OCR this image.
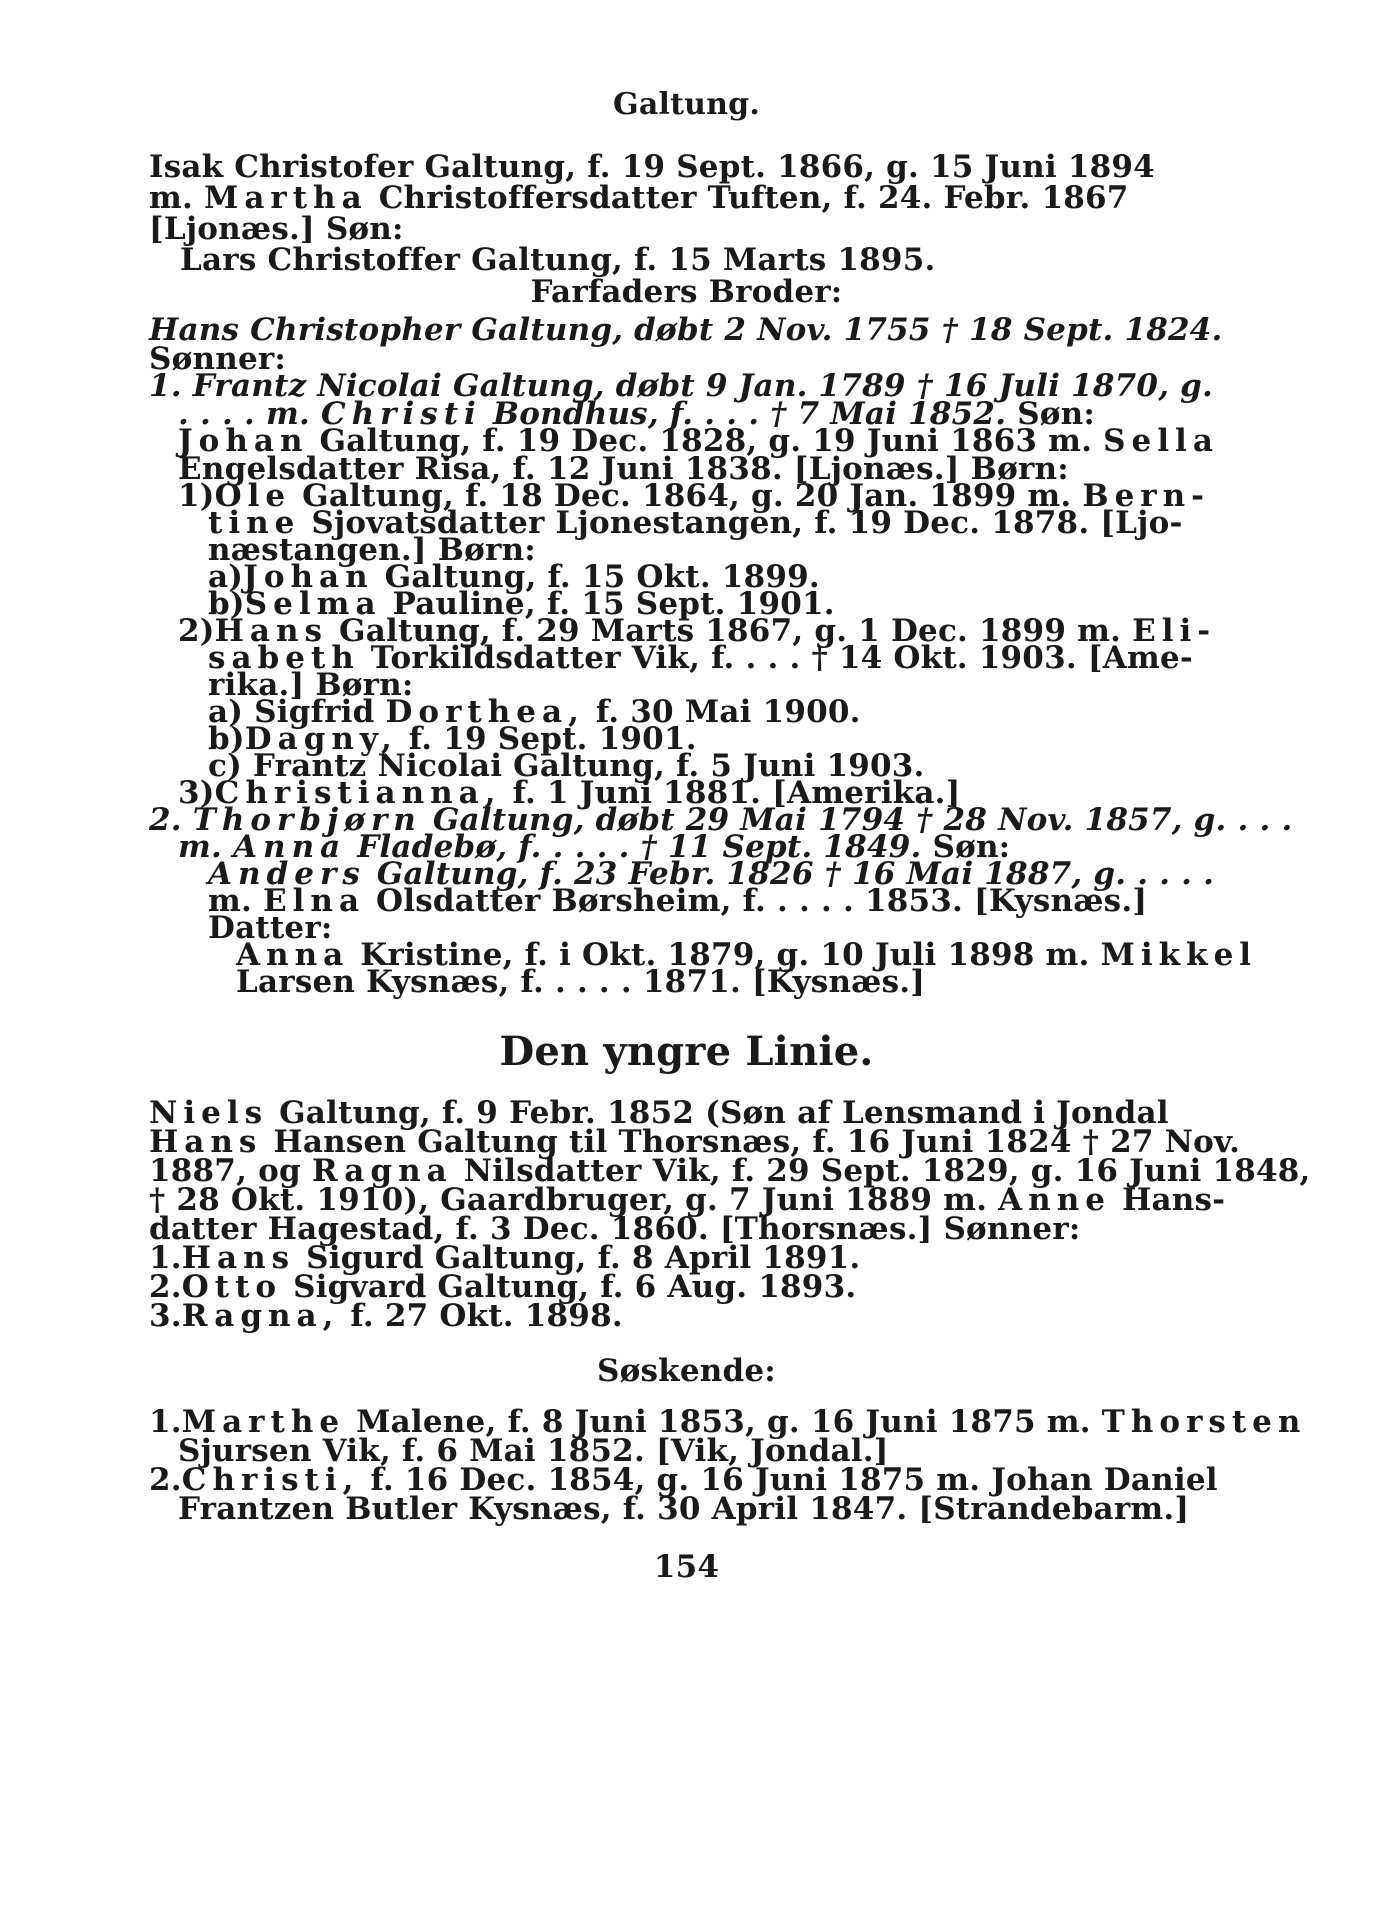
Galtung.
Isak Christofer Galtung, f. 19 Sept. 1866, g. 15 Juni 1894
m. Martha Christoffersdatter Tuften, f. 24. Febr. 1867
[Ljonæs.] Søn:
Lars Christoffer Galtung, f. 15 Marts 1895.
Farfaders Broder:
Hans Christopher Galtung, døbt 2 Nov. 1755 † 18 Sept. 1824.
Sønner:
1. Frantz Nicolai Galtung, døbt 9 Jan. 1789 † 16 Juli 1870, g.
. . . . m. Christi Bondhus, f. . . . † 7 Mai 1852. Søn:
Johan Galtung, f. 19 Dec. 1828, g. 19 Juni 1863 m. Sella
Engelsdatter Risa, f. 12 Juni 1838. [Ljonæs.] Børn:
1)Ole Galtung, f. 18 Dec. 1864, g. 20 Jan. 1899 m. Bern-
tine Sjovatsdatter Ljonestangen, f. 19 Dec. 1878. [Ljo-
næstangen.] Børn:
a)Johan Galtung, f. 15 Okt. 1899.
b)Selma Pauline, f. 15 Sept. 1901.
2)Hans Galtung, f. 29 Marts 1867, g. 1 Dec. 1899 m. Eli-
sabeth Torkildsdatter Vik, f. . . . † 14 Okt. 1903. [Ame-
rika.] Børn:
a) Sigfrid Dorthea, f. 30 Mai 1900.
b)Dagny, f. 19 Sept. 1901.
c) Frantz Nicolai Galtung, f. 5 Juni 1903.
3)Christianna, f. 1 Juni 1881. [Amerika.]
2. Thorbjørn Galtung, døbt 29 Mai 1794 † 28 Nov. 1857, g. . . .
m. Anna Fladebø, f. . . . . † 11 Sept. 1849. Søn:
Anders Galtung, f. 23 Febr. 1826 † 16 Mai 1887, g. . . . .
m. Elna Olsdatter Børsheim, f. . . . . 1853. [Kysnæs.]
Datter:
Anna Kristine, f. i Okt. 1879, g. 10 Juli 1898 m. Mikkel
Larsen Kysnæs, f. . . . . 1871. [Kysnæs.]
Den yngre Linie.
Niels Galtung, f. 9 Febr. 1852 (Søn af Lensmand i Jondal
Hans Hansen Galtung til Thorsnæs, f. 16 Juni 1824 † 27 Nov.
1887, og Ragna Nilsdatter Vik, f. 29 Sept. 1829, g. 16 Juni 1848,
† 28 Okt. 1910), Gaardbruger, g. 7 Juni 1889 m. Anne Hans-
datter Hagestad, f. 3 Dec. 1860. [Thorsnæs.] Sønner:
1.Hans Sigurd Galtung, f. 8 April 1891.
2.Otto Sigvard Galtung, f. 6 Aug. 1893.
3.Ragna, f. 27 Okt. 1898.
Søskende:
1.Marthe Malene, f. 8 Juni 1853, g. 16 Juni 1875 m. Thorsten
Sjursen Vik, f. 6 Mai 1852. [Vik, Jondal.]
2.Christi, f. 16 Dec. 1854, g. 16 Juni 1875 m. Johan Daniel
Frantzen Butler Kysnæs, f. 30 April 1847. [Strandebarm.]
154
